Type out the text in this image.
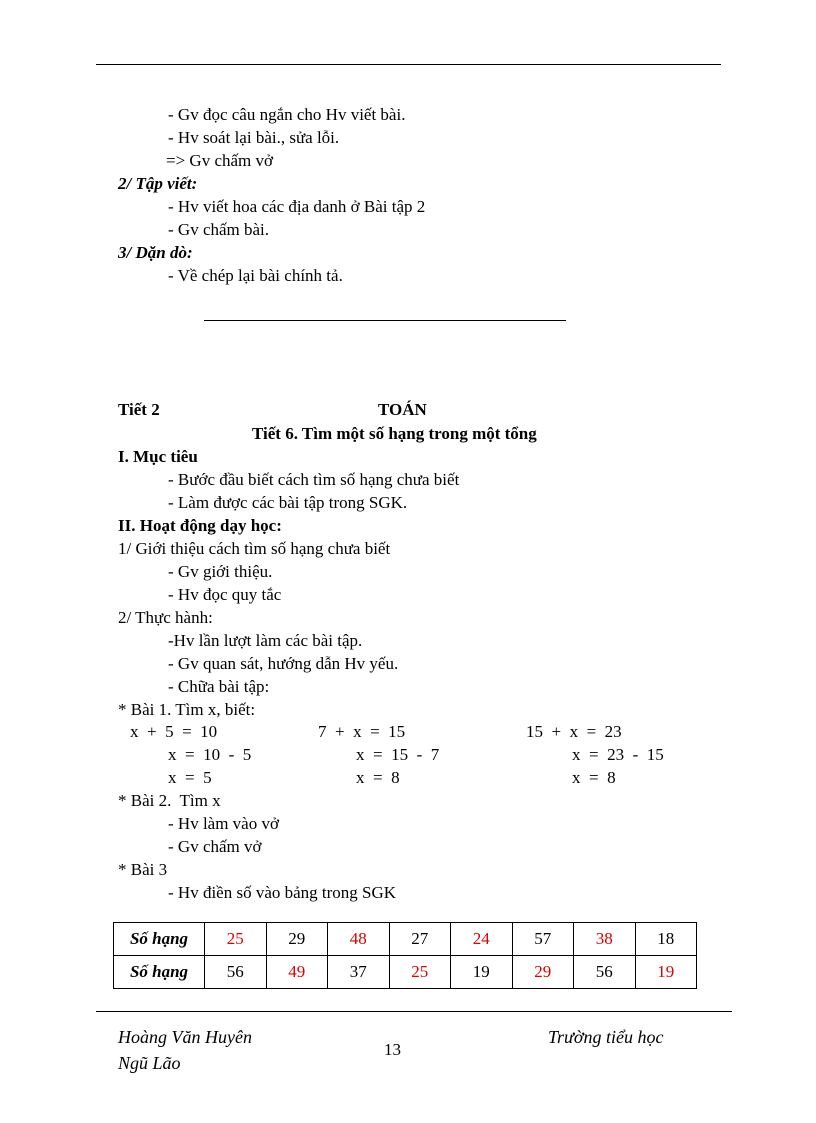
- Gv đọc câu ngắn cho Hv viết bài.
- Hv soát lại bài., sửa lỗi.
=> Gv chấm vở
2/ Tập viết:
- Hv viết hoa các địa danh ở Bài tập 2
- Gv chấm bài.
3/ Dặn dò:
- Về chép lại bài chính tả.
Tiết 2	TOÁN
Tiết 6. Tìm một số hạng trong một tổng
I. Mục tiêu
- Bước đầu biết cách tìm số hạng chưa biết
- Làm được các bài tập trong SGK.
II. Hoạt động dạy học:
1/ Giới thiệu cách tìm số hạng chưa biết
- Gv giới thiệu.
- Hv đọc quy tắc
2/ Thực hành:
-Hv lần lượt làm các bài tập.
- Gv quan sát, hướng dẫn Hv yếu.
- Chữa bài tập:
* Bài 1. Tìm x, biết:
x  +  5  =  10
x  =  10  -  5
x  =  5
7  +  x  =  15
x  =  15  -  7
x  =  8
15  +  x  =  23
x  =  23  -  15
x  =  8
* Bài 2.  Tìm x
- Hv làm vào vở
- Gv chấm vở
* Bài 3
- Hv điền số vào bảng trong SGK
Số hạng	25	29	48	27	24	57	38	18
Số hạng	56	49	37	25	19	29	56	19
Hoàng Văn Huyên
Ngũ Lão
13
Trường tiểu học
